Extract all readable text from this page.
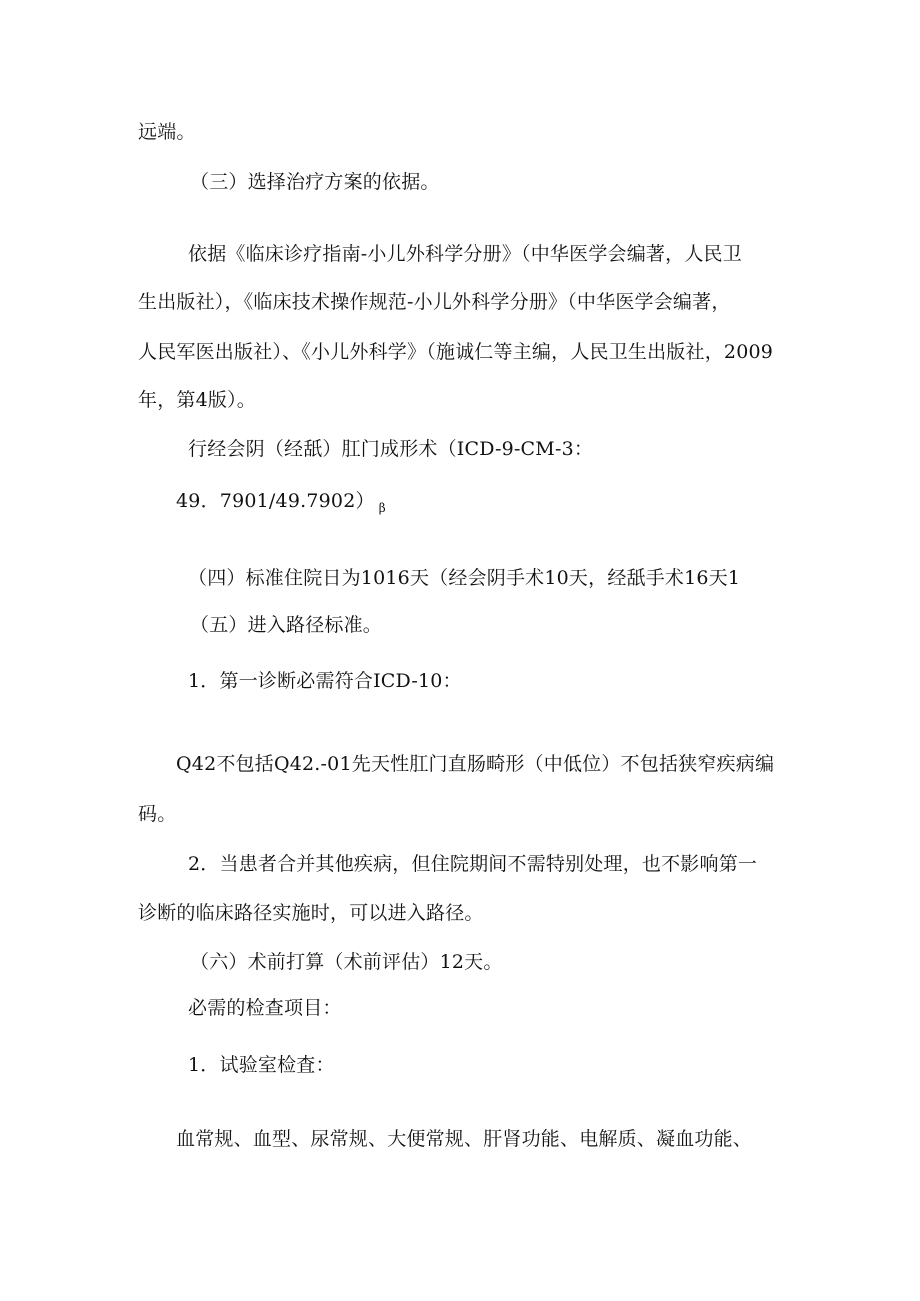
远端。
（三）选择治疗方案的依据。
依据《临床诊疗指南-小儿外科学分册》（中华医学会编著，人民卫
生出版社），《临床技术操作规范-小儿外科学分册》（中华医学会编著，
人民军医出版社）、《小儿外科学》（施诚仁等主编，人民卫生出版社，2009
年，第4版）。
行经会阴（经舐）肛门成形术（ICD-9-CM-3：
49．7901/49.7902） $_\beta$
（四）标准住院日为1016天（经会阴手术10天，经舐手术16天1
（五）进入路径标准。
1．第一诊断必需符合ICD-10：
Q42不包括Q42.-01先天性肛门直肠畸形（中低位）不包括狭窄疾病编
码。
2．当患者合并其他疾病，但住院期间不需特别处理，也不影响第一
诊断的临床路径实施时，可以进入路径。
（六）术前打算（术前评估）12天。
必需的检查项目：
1．试验室检査：
血常规、血型、尿常规、大便常规、肝肾功能、电解质、凝血功能、
